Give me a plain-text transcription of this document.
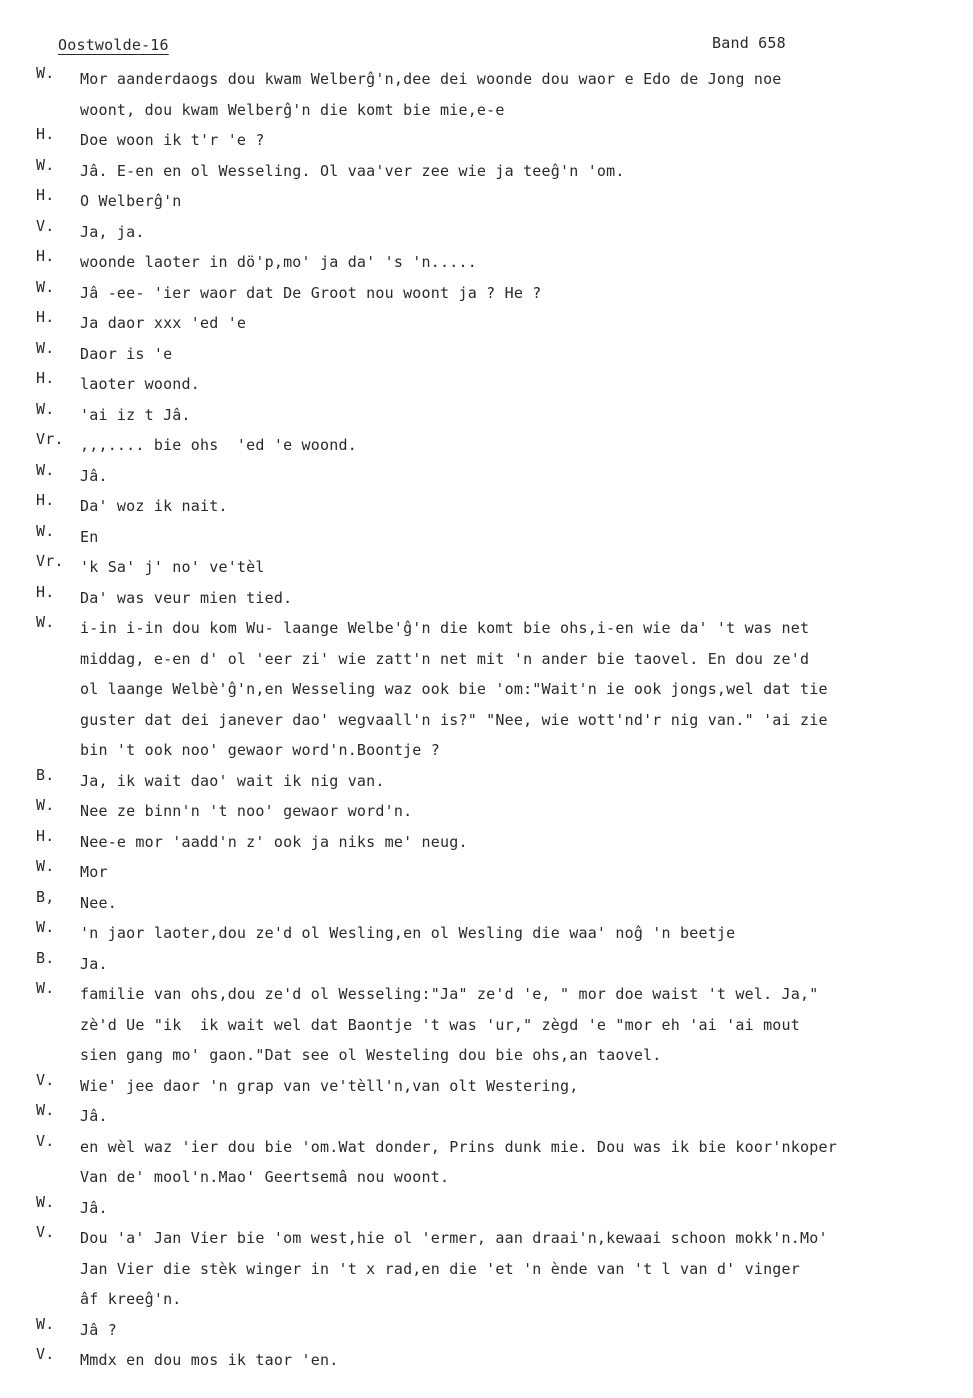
Oostwolde-16	Band 658
W.	Mor aanderdaogs dou kwam Welberĝ'n,dee dei woonde dou waor e Edo de Jong noe
woont, dou kwam Welberĝ'n die komt bie mie,e-e
H.	Doe woon ik t'r 'e ?
W.	Jâ. E-en en ol Wesseling. Ol vaa'ver zee wie ja teeĝ'n 'om.
H.	O Welberĝ'n
V.	Ja, ja.
H.	woonde laoter in dö'p,mo' ja da' 's 'n.....
W.	Jâ -ee- 'ier waor dat De Groot nou woont ja ? He ?
H.	Ja daor xxx 'ed 'e
W.	Daor is 'e
H.	laoter woond.
W.	'ai iz t Jâ.
Vr.	,,,.... bie ohs  'ed 'e woond.
W.	Jâ.
H.	Da' woz ik nait.
W.	En
Vr.	'k Sa' j' no' ve'tèl
H.	Da' was veur mien tied.
W.	i-in i-in dou kom Wu- laange Welbe'ĝ'n die komt bie ohs,i-en wie da' 't was net
middag, e-en d' ol 'eer zi' wie zatt'n net mit 'n ander bie taovel. En dou ze'd
ol laange Welbè'ĝ'n,en Wesseling waz ook bie 'om:"Wait'n ie ook jongs,wel dat tie
guster dat dei janever dao' wegvaall'n is?" "Nee, wie wott'nd'r nig van." 'ai zie
bin 't ook noo' gewaor word'n.Boontje ?
B.	Ja, ik wait dao' wait ik nig van.
W.	Nee ze binn'n 't noo' gewaor word'n.
H.	Nee-e mor 'aadd'n z' ook ja niks me' neug.
W.	Mor
B,	Nee.
W.	'n jaor laoter,dou ze'd ol Wesling,en ol Wesling die waa' noĝ 'n beetje
B.	Ja.
W.	familie van ohs,dou ze'd ol Wesseling:"Ja" ze'd 'e, " mor doe waist 't wel. Ja,"
zè'd Ue "ik  ik wait wel dat Baontje 't was 'ur," zègd 'e "mor eh 'ai 'ai mout
sien gang mo' gaon."Dat see ol Westeling dou bie ohs,an taovel.
V.	Wie' jee daor 'n grap van ve'tèll'n,van olt Westering,
W.	Jâ.
V.	en wèl waz 'ier dou bie 'om.Wat donder, Prins dunk mie. Dou was ik bie koor'nkoper
Van de' mool'n.Mao' Geertsemâ nou woont.
W.	Jâ.
V.	Dou 'a' Jan Vier bie 'om west,hie ol 'ermer, aan draai'n,kewaai schoon mokk'n.Mo'
Jan Vier die stèk winger in 't x rad,en die 'et 'n ènde van 't l van d' vinger
âf kreeĝ'n.
W.	Jâ ?
V.	Mmdx en dou mos ik taor 'en.
